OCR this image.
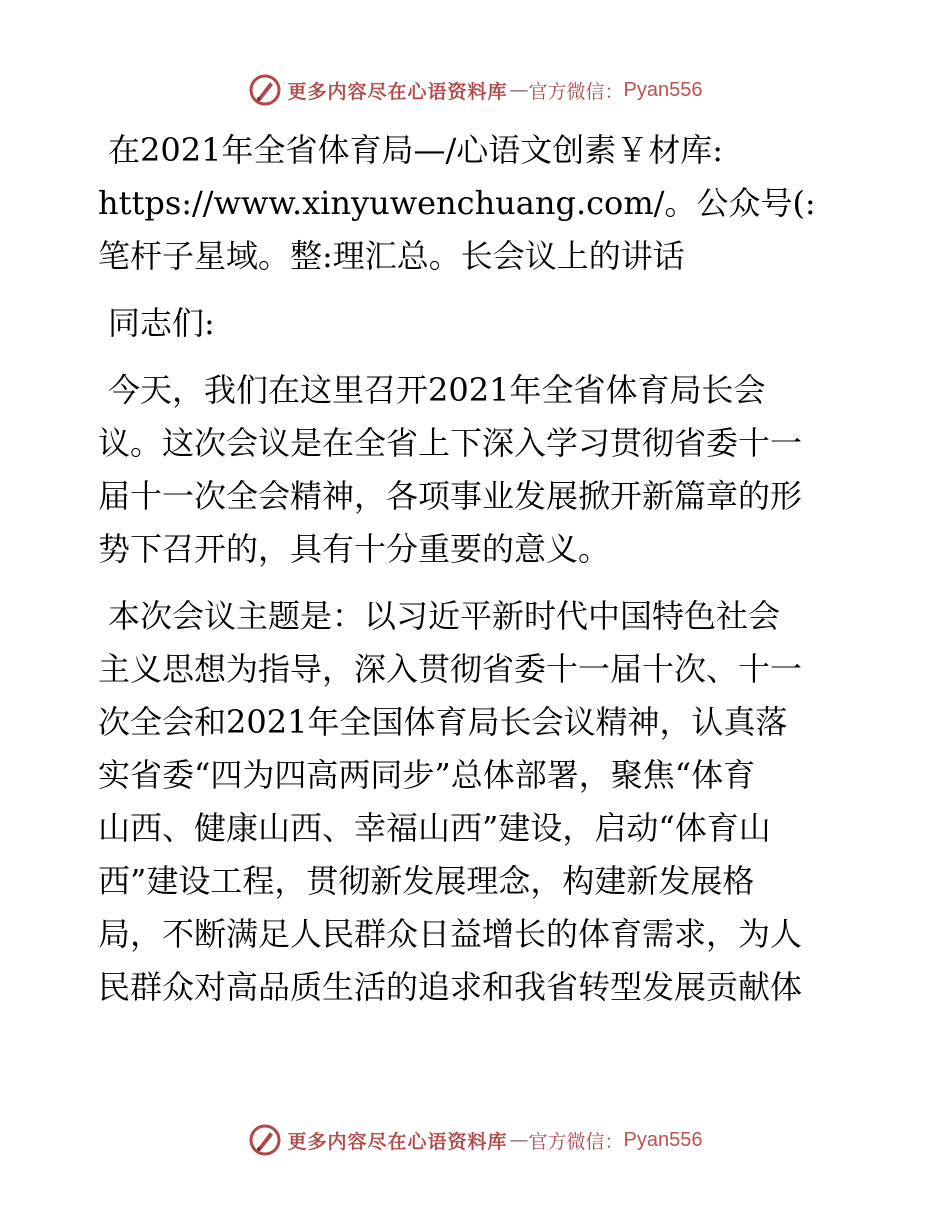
更多内容尽在心语资料库 — 官方微信： Pyan556
在2021年全省体育局—/心语文创素￥材库:
https://www.xinyuwenchuang.com/。公众号(:
笔杆子星域。整:理汇总。长会议上的讲话
同志们:
今天，我们在这里召开2021年全省体育局长会
议。这次会议是在全省上下深入学习贯彻省委十一
届十一次全会精神，各项事业发展掀开新篇章的形
势下召开的，具有十分重要的意义。
本次会议主题是：以习近平新时代中国特色社会
主义思想为指导，深入贯彻省委十一届十次、十一
次全会和2021年全国体育局长会议精神，认真落
实省委“四为四高两同步”总体部署，聚焦“体育
山西、健康山西、幸福山西”建设，启动“体育山
西”建设工程，贯彻新发展理念，构建新发展格
局，不断满足人民群众日益增长的体育需求，为人
民群众对高品质生活的追求和我省转型发展贡献体
更多内容尽在心语资料库 — 官方微信： Pyan556
